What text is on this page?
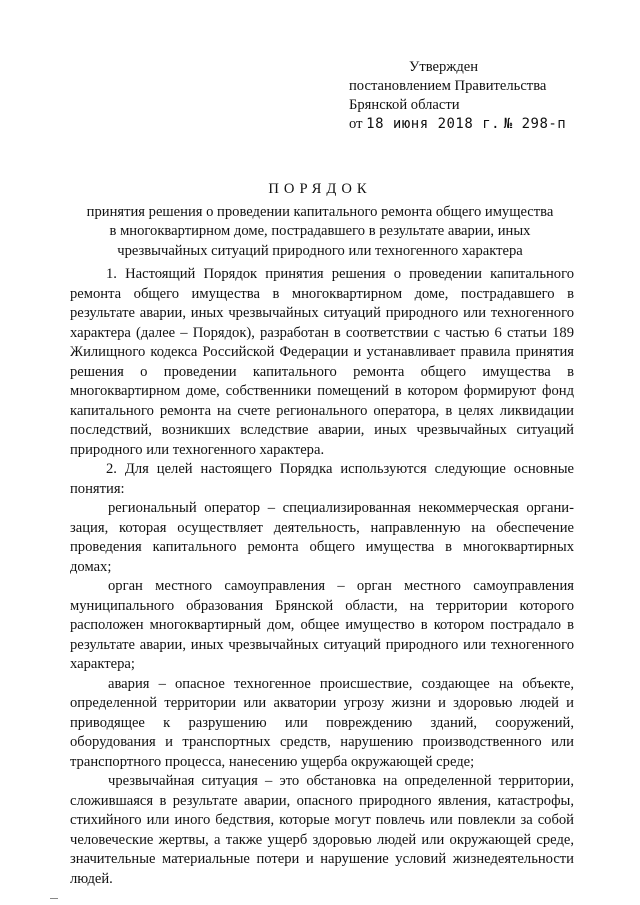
Утвержден
постановлением Правительства
Брянской области
от 18 июня 2018 г. № 298-п
ПОРЯДОК
принятия решения о проведении капитального ремонта общего имущества
в многоквартирном доме, пострадавшего в результате аварии, иных
чрезвычайных ситуаций природного или техногенного характера

1. Настоящий Порядок принятия решения о проведении капитального ремонта общего имущества в многоквартирном доме, пострадавшего в результате аварии, иных чрезвычайных ситуаций природного или техногенного характера (далее – Порядок), разработан в соответствии с частью 6 статьи 189 Жилищного кодекса Российской Федерации и устанавливает правила принятия решения о проведении капитального ремонта общего имущества в многоквартирном доме, собственники помещений в котором формируют фонд капитального ремонта на счете регионального оператора, в целях ликвидации последствий, возникших вследствие аварии, иных чрезвычайных ситуаций природного или техногенного характера.

2. Для целей настоящего Порядка используются следующие основные понятия:

региональный оператор – специализированная некоммерческая организация, которая осуществляет деятельность, направленную на обеспечение проведения капитального ремонта общего имущества в многоквартирных домах;

орган местного самоуправления – орган местного самоуправления муниципального образования Брянской области, на территории которого расположен многоквартирный дом, общее имущество в котором пострадало в результате аварии, иных чрезвычайных ситуаций природного или техногенного характера;

авария – опасное техногенное происшествие, создающее на объекте, определенной территории или акватории угрозу жизни и здоровью людей и приводящее к разрушению или повреждению зданий, сооружений, оборудования и транспортных средств, нарушению производственного или транспортного процесса, нанесению ущерба окружающей среде;

чрезвычайная ситуация – это обстановка на определенной территории, сложившаяся в результате аварии, опасного природного явления, катастрофы, стихийного или иного бедствия, которые могут повлечь или повлекли за собой человеческие жертвы, а также ущерб здоровью людей или окружающей среде, значительные материальные потери и нарушение условий жизнедеятельности людей.
